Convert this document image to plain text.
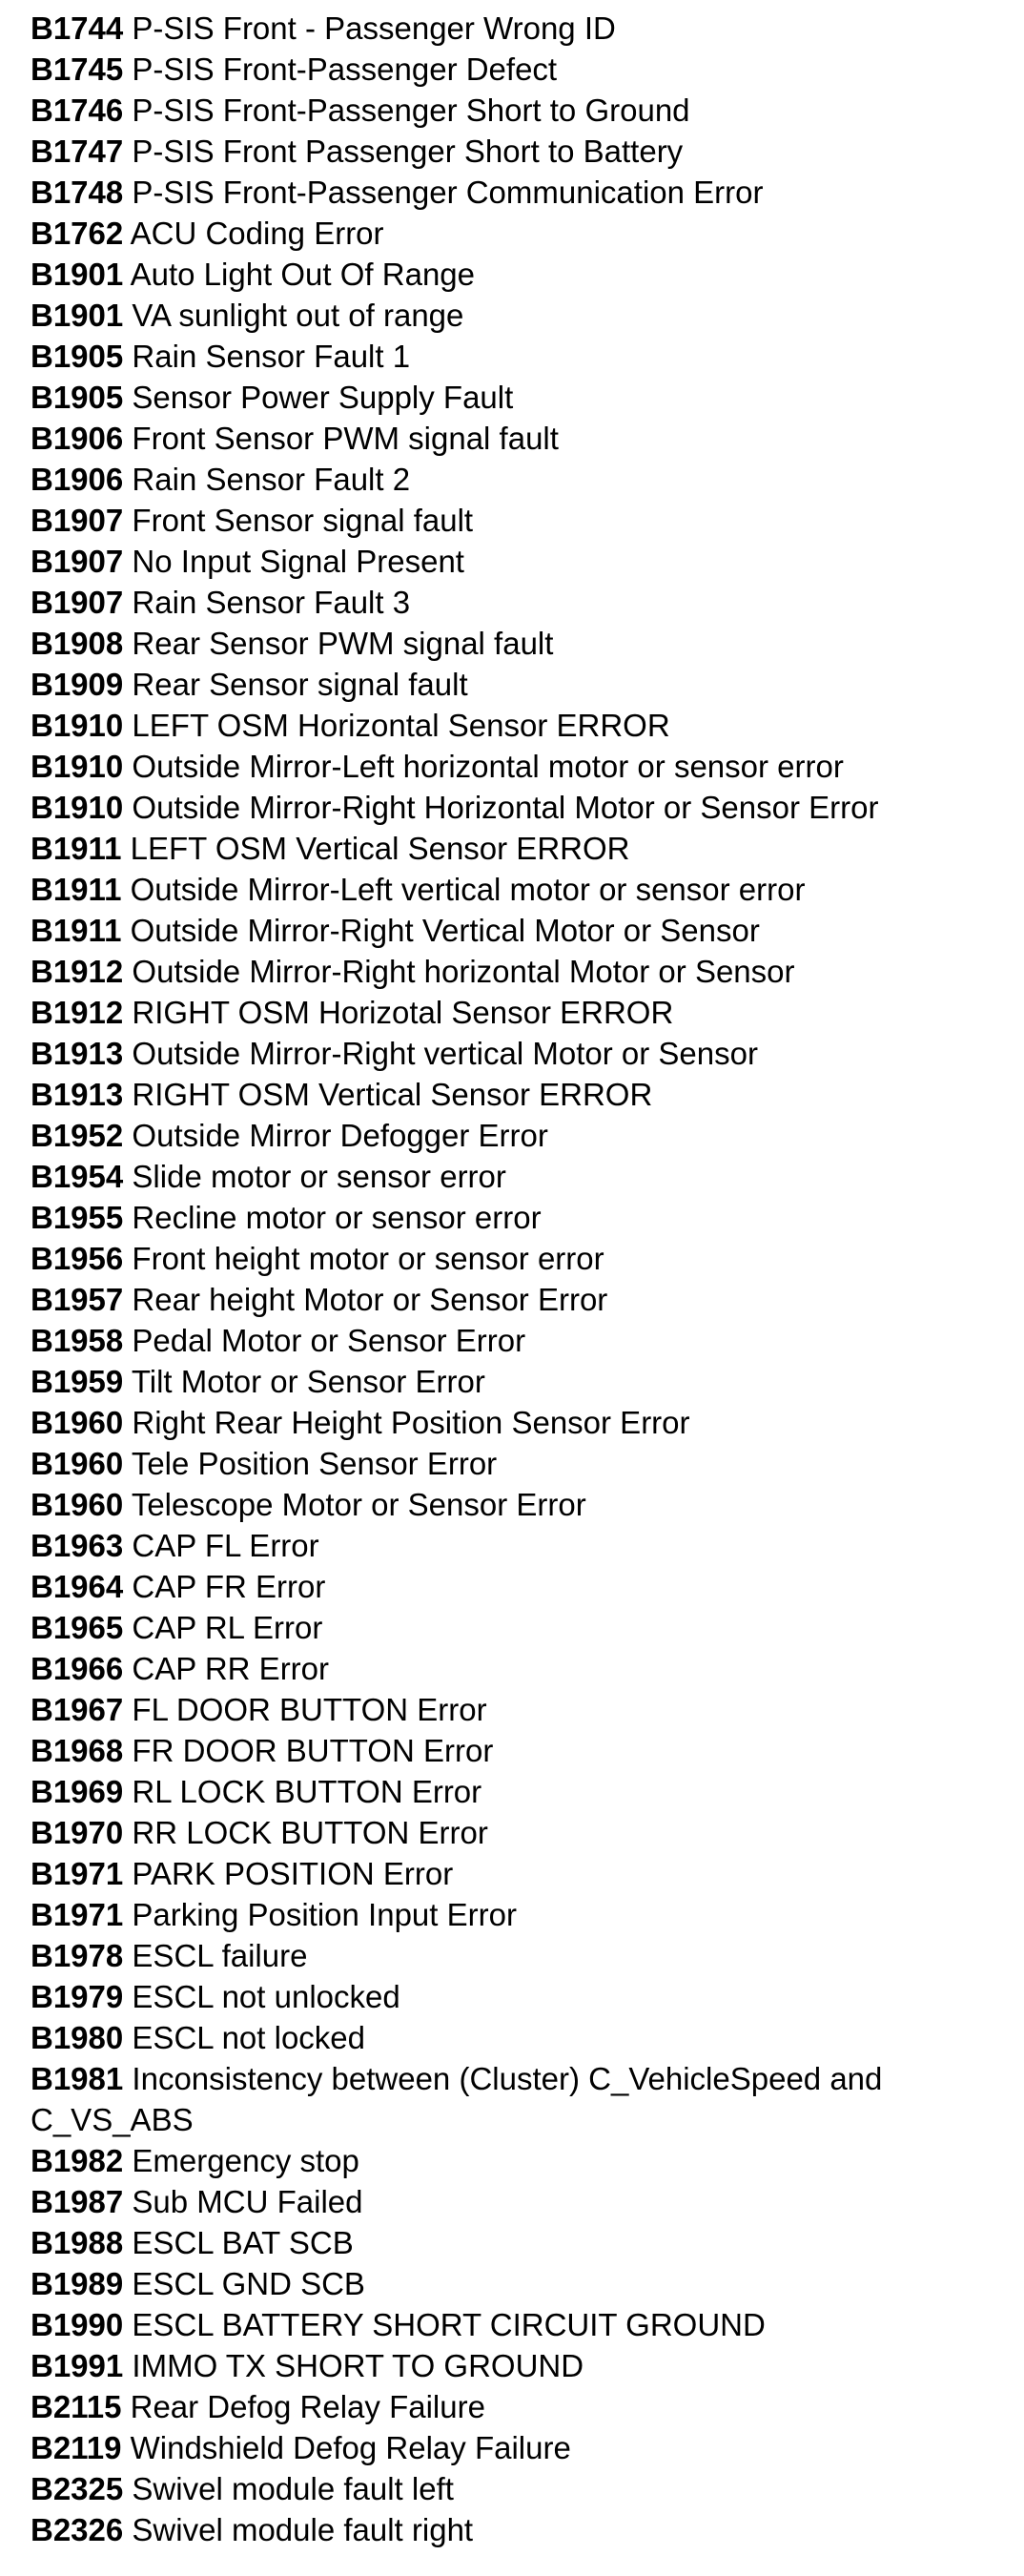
B1744 P-SIS Front - Passenger Wrong ID
B1745 P-SIS Front-Passenger Defect
B1746 P-SIS Front-Passenger Short to Ground
B1747 P-SIS Front Passenger Short to Battery
B1748 P-SIS Front-Passenger Communication Error
B1762 ACU Coding Error
B1901 Auto Light Out Of Range
B1901 VA sunlight out of range
B1905 Rain Sensor Fault 1
B1905 Sensor Power Supply Fault
B1906 Front Sensor PWM signal fault
B1906 Rain Sensor Fault 2
B1907 Front Sensor signal fault
B1907 No Input Signal Present
B1907 Rain Sensor Fault 3
B1908 Rear Sensor PWM signal fault
B1909 Rear Sensor signal fault
B1910 LEFT OSM Horizontal Sensor ERROR
B1910 Outside Mirror-Left horizontal motor or sensor error
B1910 Outside Mirror-Right Horizontal Motor or Sensor Error
B1911 LEFT OSM Vertical Sensor ERROR
B1911 Outside Mirror-Left vertical motor or sensor error
B1911 Outside Mirror-Right Vertical Motor or Sensor
B1912 Outside Mirror-Right horizontal Motor or Sensor
B1912 RIGHT OSM Horizotal Sensor ERROR
B1913 Outside Mirror-Right vertical Motor or Sensor
B1913 RIGHT OSM Vertical Sensor ERROR
B1952 Outside Mirror Defogger Error
B1954 Slide motor or sensor error
B1955 Recline motor or sensor error
B1956 Front height motor or sensor error
B1957 Rear height Motor or Sensor Error
B1958 Pedal Motor or Sensor Error
B1959 Tilt Motor or Sensor Error
B1960 Right Rear Height Position Sensor Error
B1960 Tele Position Sensor Error
B1960 Telescope Motor or Sensor Error
B1963 CAP FL Error
B1964 CAP FR Error
B1965 CAP RL Error
B1966 CAP RR Error
B1967 FL DOOR BUTTON Error
B1968 FR DOOR BUTTON Error
B1969 RL LOCK BUTTON Error
B1970 RR LOCK BUTTON Error
B1971 PARK POSITION Error
B1971 Parking Position Input Error
B1978 ESCL failure
B1979 ESCL not unlocked
B1980 ESCL not locked
B1981 Inconsistency between (Cluster) C_VehicleSpeed and C_VS_ABS
B1982 Emergency stop
B1987 Sub MCU Failed
B1988 ESCL BAT SCB
B1989 ESCL GND SCB
B1990 ESCL BATTERY SHORT CIRCUIT GROUND
B1991 IMMO TX SHORT TO GROUND
B2115 Rear Defog Relay Failure
B2119 Windshield Defog Relay Failure
B2325 Swivel module fault left
B2326 Swivel module fault right
